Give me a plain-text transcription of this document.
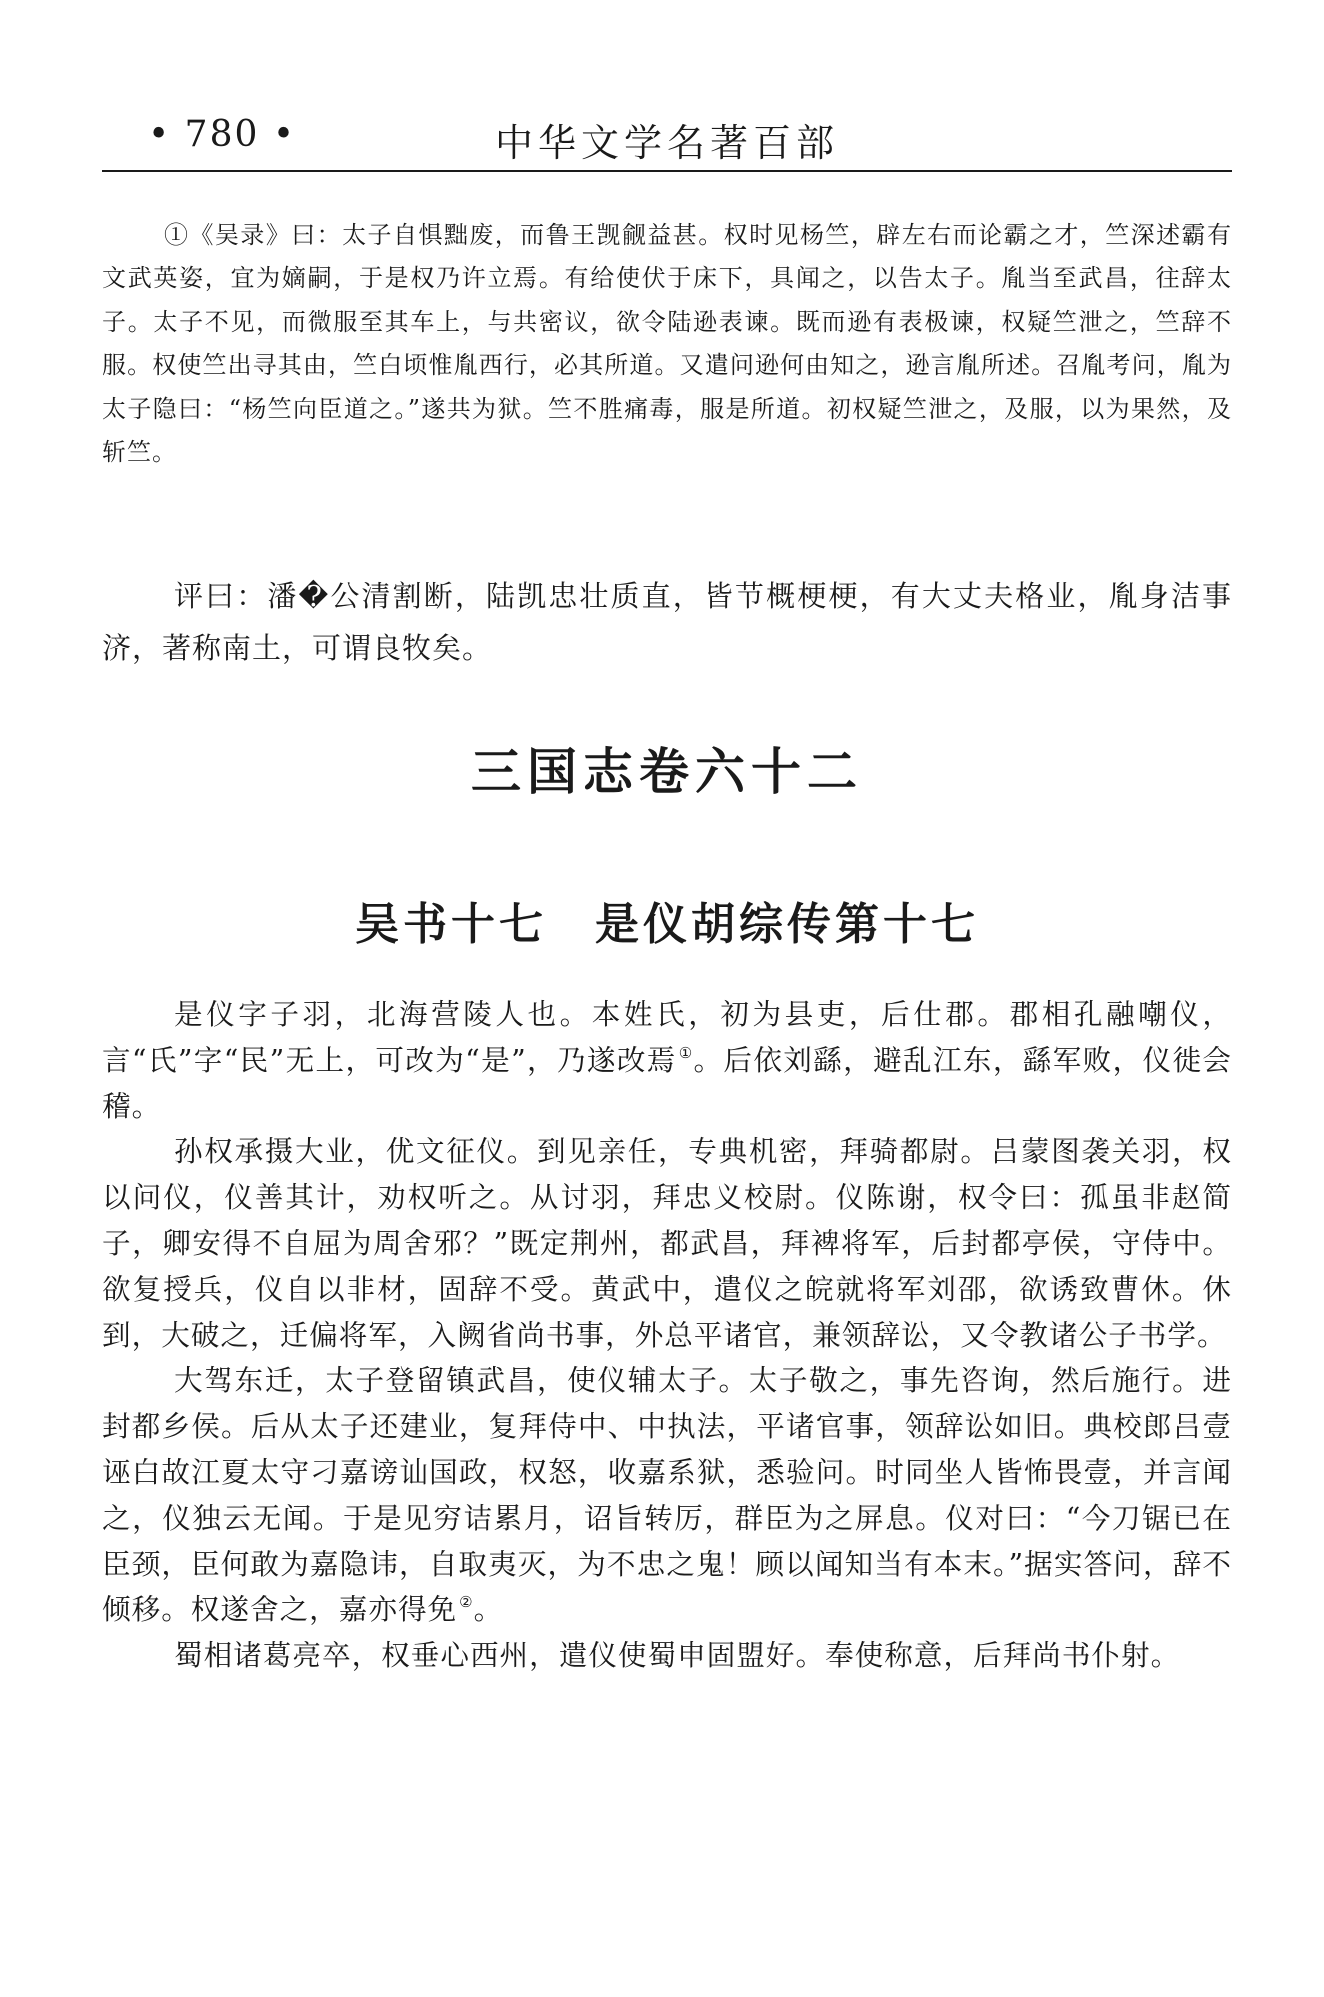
• 780 •	中华文学名著百部

①《吴录》曰：太子自惧黜废，而鲁王觊觎益甚。权时见杨竺，辟左右而论霸之才，竺深述霸有文武英姿，宜为嫡嗣，于是权乃许立焉。有给使伏于床下，具闻之，以告太子。胤当至武昌，往辞太子。太子不见，而微服至其车上，与共密议，欲令陆逊表谏。既而逊有表极谏，权疑竺泄之，竺辞不服。权使竺出寻其由，竺白顷惟胤西行，必其所道。又遣问逊何由知之，逊言胤所述。召胤考问，胤为太子隐曰：“杨竺向臣道之。”遂共为狱。竺不胜痛毒，服是所道。初权疑竺泄之，及服，以为果然，及斩竺。

评曰：潘�公清割断，陆凯忠壮质直，皆节概梗梗，有大丈夫格业，胤身洁事济，著称南土，可谓良牧矣。

三国志卷六十二
吴书十七　是仪胡综传第十七

是仪字子羽，北海营陵人也。本姓氏，初为县吏，后仕郡。郡相孔融嘲仪，言“氏”字“民”无上，可改为“是”，乃遂改焉 ①。后依刘繇，避乱江东，繇军败，仪徙会稽。

孙权承摄大业，优文征仪。到见亲任，专典机密，拜骑都尉。吕蒙图袭关羽，权以问仪，仪善其计，劝权听之。从讨羽，拜忠义校尉。仪陈谢，权令曰：孤虽非赵简子，卿安得不自屈为周舍邪？”既定荆州，都武昌，拜裨将军，后封都亭侯，守侍中。欲复授兵，仪自以非材，固辞不受。黄武中，遣仪之皖就将军刘邵，欲诱致曹休。休到，大破之，迁偏将军，入阙省尚书事，外总平诸官，兼领辞讼，又令教诸公子书学。

大驾东迁，太子登留镇武昌，使仪辅太子。太子敬之，事先咨询，然后施行。进封都乡侯。后从太子还建业，复拜侍中、中执法，平诸官事，领辞讼如旧。典校郎吕壹诬白故江夏太守刁嘉谤讪国政，权怒，收嘉系狱，悉验问。时同坐人皆怖畏壹，并言闻之，仪独云无闻。于是见穷诘累月，诏旨转厉，群臣为之屏息。仪对曰：“今刀锯已在臣颈，臣何敢为嘉隐讳，自取夷灭，为不忠之鬼！顾以闻知当有本末。”据实答问，辞不倾移。权遂舍之，嘉亦得免 ②。

蜀相诸葛亮卒，权垂心西州，遣仪使蜀申固盟好。奉使称意，后拜尚书仆射。
